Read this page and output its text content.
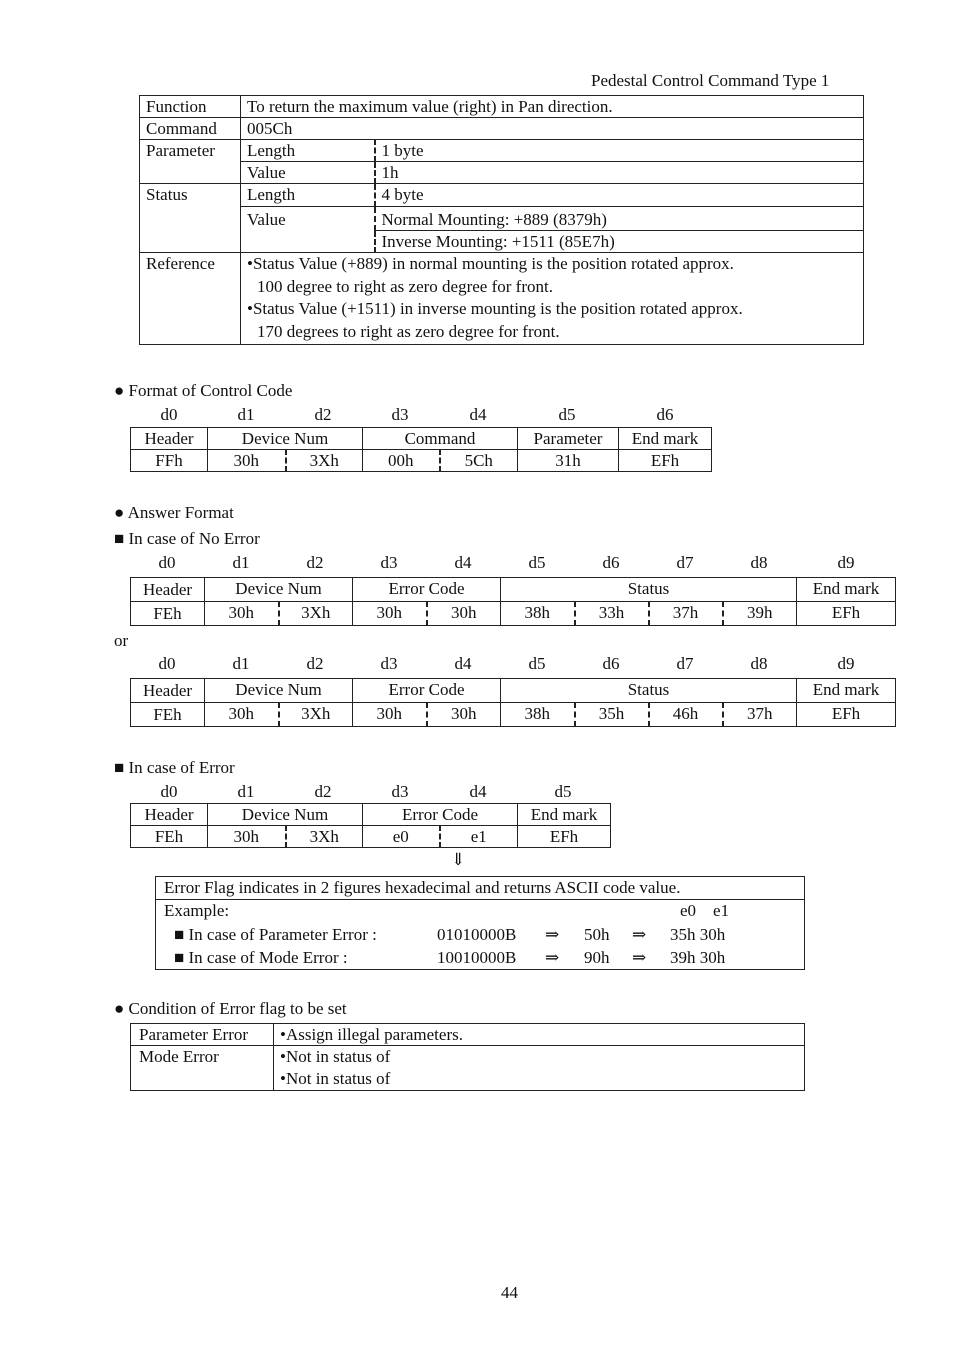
Pedestal Control Command Type 1
Function	To return the maximum value (right) in Pan direction.	
Command	005Ch	
Parameter	Length	1 byte
	Value	1h
Status	Length	4 byte
	Value	Normal Mounting: +889 (8379h)
		Inverse Mounting: +1511 (85E7h)
Reference	•Status Value (+889) in normal mounting is the position rotated approx.
100 degree to right as zero degree for front.
•Status Value (+1511) in inverse mounting is the position rotated approx.
170 degrees to right as zero degree for front.	
● Format of Control Code
d0	d1	d2	d3	d4	d5	d6
Header	Device Num		Command		Parameter	End mark
FFh	30h	3Xh	00h	5Ch	31h	EFh
● Answer Format
■ In case of No Error
d0	d1	d2	d3	d4	d5	d6	d7	d8	d9
Header	Device Num		Error Code		Status				End mark
FEh	30h	3Xh	30h	30h	38h	33h	37h	39h	EFh
or
d0	d1	d2	d3	d4	d5	d6	d7	d8	d9
Header	Device Num		Error Code		Status				End mark
FEh	30h	3Xh	30h	30h	38h	35h	46h	37h	EFh
■ In case of Error
d0	d1	d2	d3	d4	d5
Header	Device Num		Error Code		End mark
FEh	30h	3Xh	e0	e1	EFh
⇓
Error Flag indicates in 2 figures hexadecimal and returns ASCII code value.
Example:	e0    e1
■ In case of Parameter Error :	01010000B ⇒ 50h ⇒ 35h 30h
■ In case of Mode Error :	10010000B ⇒ 90h ⇒ 39h 30h
● Condition of Error flag to be set
Parameter Error	•Assign illegal parameters.
Mode Error	•Not in status of
•Not in status of
44
